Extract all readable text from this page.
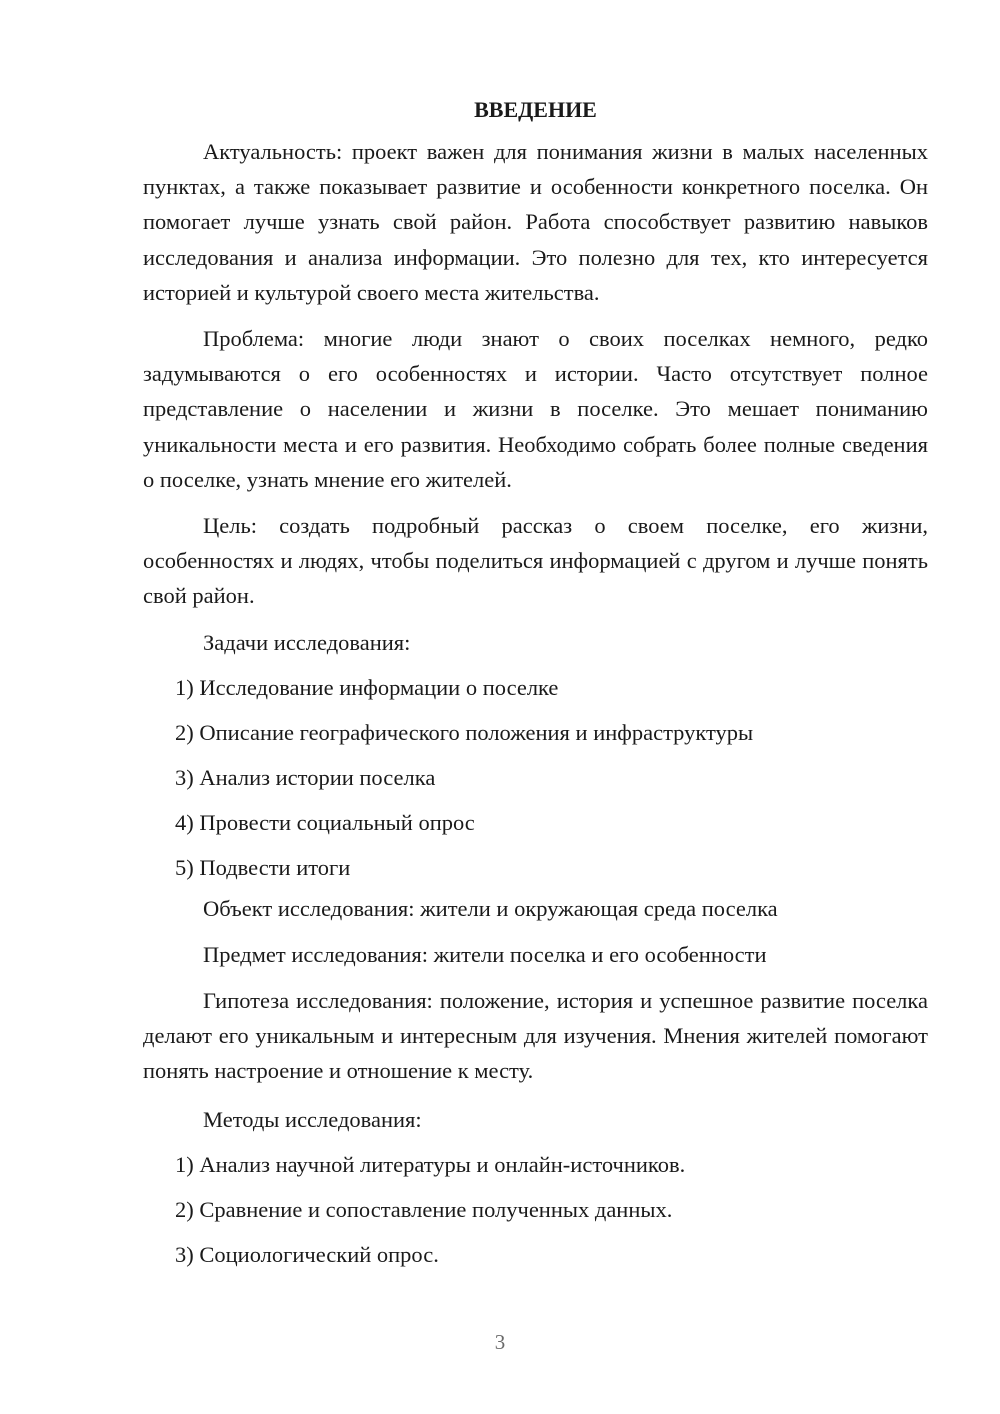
ВВЕДЕНИЕ

Актуальность: проект важен для понимания жизни в малых населенных пунктах, а также показывает развитие и особенности конкретного поселка. Он помогает лучше узнать свой район. Работа способствует развитию навыков исследования и анализа информации. Это полезно для тех, кто интересуется историей и культурой своего места жительства.

Проблема: многие люди знают о своих поселках немного, редко задумываются о его особенностях и истории. Часто отсутствует полное представление о населении и жизни в поселке. Это мешает пониманию уникальности места и его развития. Необходимо собрать более полные сведения о поселке, узнать мнение его жителей.

Цель: создать подробный рассказ о своем поселке, его жизни, особенностях и людях, чтобы поделиться информацией с другом и лучше понять свой район.

Задачи исследования:
1) Исследование информации о поселке
2) Описание географического положения и инфраструктуры
3) Анализ истории поселка
4) Провести социальный опрос
5) Подвести итоги
Объект исследования: жители и окружающая среда поселка
Предмет исследования: жители поселка и его особенности

Гипотеза исследования: положение, история и успешное развитие поселка делают его уникальным и интересным для изучения. Мнения жителей помогают понять настроение и отношение к месту.

Методы исследования:
1) Анализ научной литературы и онлайн-источников.
2) Сравнение и сопоставление полученных данных.
3) Социологический опрос.
3
